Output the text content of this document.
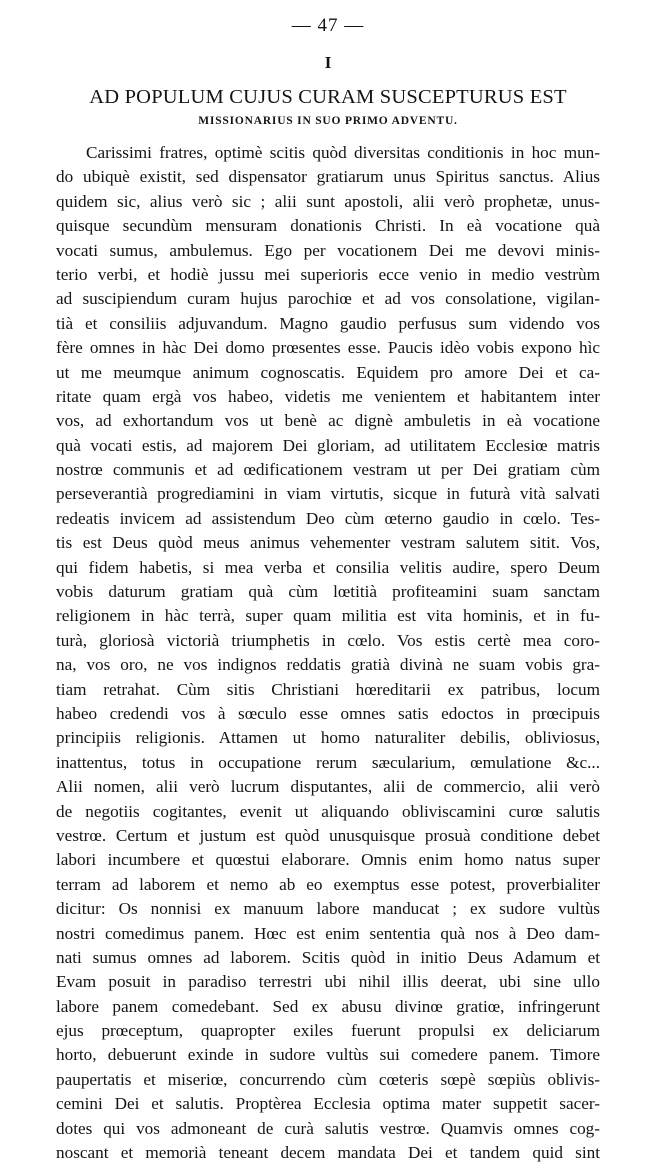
— 47 —
I
AD POPULUM CUJUS CURAM SUSCEPTURUS EST
MISSIONARIUS IN SUO PRIMO ADVENTU.
Carissimi fratres, optimè scitis quòd diversitas conditionis in hoc mun-
do ubiquè existit, sed dispensator gratiarum unus Spiritus sanctus. Alius
quidem sic, alius verò sic ; alii sunt apostoli, alii verò prophetæ, unus-
quisque secundùm mensuram donationis Christi. In eà vocatione quà
vocati sumus, ambulemus. Ego per vocationem Dei me devovi minis-
terio verbi, et hodiè jussu mei superioris ecce venio in medio vestrùm
ad suscipiendum curam hujus parochiœ et ad vos consolatione, vigilan-
tià et consiliis adjuvandum. Magno gaudio perfusus sum videndo vos
fère omnes in hàc Dei domo prœsentes esse. Paucis idèo vobis expono hìc
ut me meumque animum cognoscatis. Equidem pro amore Dei et ca-
ritate quam ergà vos habeo, videtis me venientem et habitantem inter
vos, ad exhortandum vos ut benè ac dignè ambuletis in eà vocatione
quà vocati estis, ad majorem Dei gloriam, ad utilitatem Ecclesiœ matris
nostrœ communis et ad œdificationem vestram ut per Dei gratiam cùm
perseverantià progrediamini in viam virtutis, sicque in futurà vità salvati
redeatis invicem ad assistendum Deo cùm œterno gaudio in cœlo. Tes-
tis est Deus quòd meus animus vehementer vestram salutem sitit. Vos,
qui fidem habetis, si mea verba et consilia velitis audire, spero Deum
vobis daturum gratiam quà cùm lœtitià profiteamini suam sanctam
religionem in hàc terrà, super quam militia est vita hominis, et in fu-
turà, gloriosà victorià triumphetis in cœlo. Vos estis certè mea coro-
na, vos oro, ne vos indignos reddatis gratià divinà ne suam vobis gra-
tiam retrahat. Cùm sitis Christiani hœreditarii ex patribus, locum
habeo credendi vos à sœculo esse omnes satis edoctos in prœcipuis
principiis religionis. Attamen ut homo naturaliter debilis, obliviosus,
inattentus, totus in occupatione rerum sæcularium, œmulatione &c...
Alii nomen, alii verò lucrum disputantes, alii de commercio, alii verò
de negotiis cogitantes, evenit ut aliquando obliviscamini curœ salutis
vestrœ. Certum et justum est quòd unusquisque prosuà conditione debet
labori incumbere et quœstui elaborare. Omnis enim homo natus super
terram ad laborem et nemo ab eo exemptus esse potest, proverbialiter
dicitur: Os nonnisi ex manuum labore manducat ; ex sudore vultùs
nostri comedimus panem. Hœc est enim sententia quà nos à Deo dam-
nati sumus omnes ad laborem. Scitis quòd in initio Deus Adamum et
Evam posuit in paradiso terrestri ubi nihil illis deerat, ubi sine ullo
labore panem comedebant. Sed ex abusu divinœ gratiœ, infringerunt
ejus prœceptum, quapropter exiles fuerunt propulsi ex deliciarum
horto, debuerunt exinde in sudore vultùs sui comedere panem. Timore
paupertatis et miseriœ, concurrendo cùm cœteris sœpè sœpiùs oblivis-
cemini Dei et salutis. Proptèrea Ecclesia optima mater suppetit sacer-
dotes qui vos admoneant de curà salutis vestrœ. Quamvis omnes cog-
noscant et memorià teneant decem mandata Dei et tandem quid sint
